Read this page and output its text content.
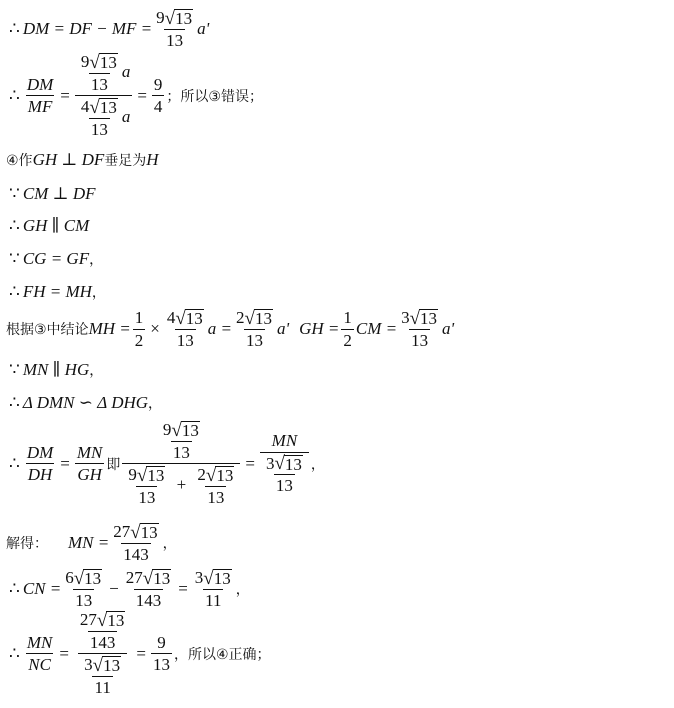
∴ DM = DF − MF = $\frac{9 √ 13}{13} a'$
∴ $\frac{DM}{MF} = \frac{\frac{9 √ 13}{13} a}{\frac{4 √ 13}{13} a} = \frac{9}{4}$ ；所以③错误；
④作 GH ⊥ DF 垂足为 H
∵ CM ⊥ DF
∴ GH ∥ CM
∵ CG = GF ，
∴ FH = MH ，
根据③中结论 MH = $\frac{1}{2} \times \frac{4 √ 13}{13}$ $a = \frac{2 √ 13}{13} a'$ GH = $\frac{1}{2}$ CM = $\frac{3 √ 13}{13} a'$
∵ MN ∥ HG ，
∴ Δ DMN ∽ Δ DHG ，
∴ $\frac{DM}{DH} = \frac{MN}{GH}$ 即 $\frac{\frac{9 √ 13}{13}}{\frac{9 √ 13}{13} + \frac{2 √ 13}{13}} = \frac{MN}{\frac{3 √ 13}{13}}$ ，
解得： MN = $\frac{27 √ 13}{143}$ ，
∴ CN = $\frac{6 √ 13}{13} - \frac{27 √ 13}{143} = \frac{3 √ 13}{11}$ ，
∴ $\frac{MN}{NC} = \frac{\frac{27 √ 13}{143}}{\frac{3 √ 13}{11}} = \frac{9}{13}$ ，所以④正确；
